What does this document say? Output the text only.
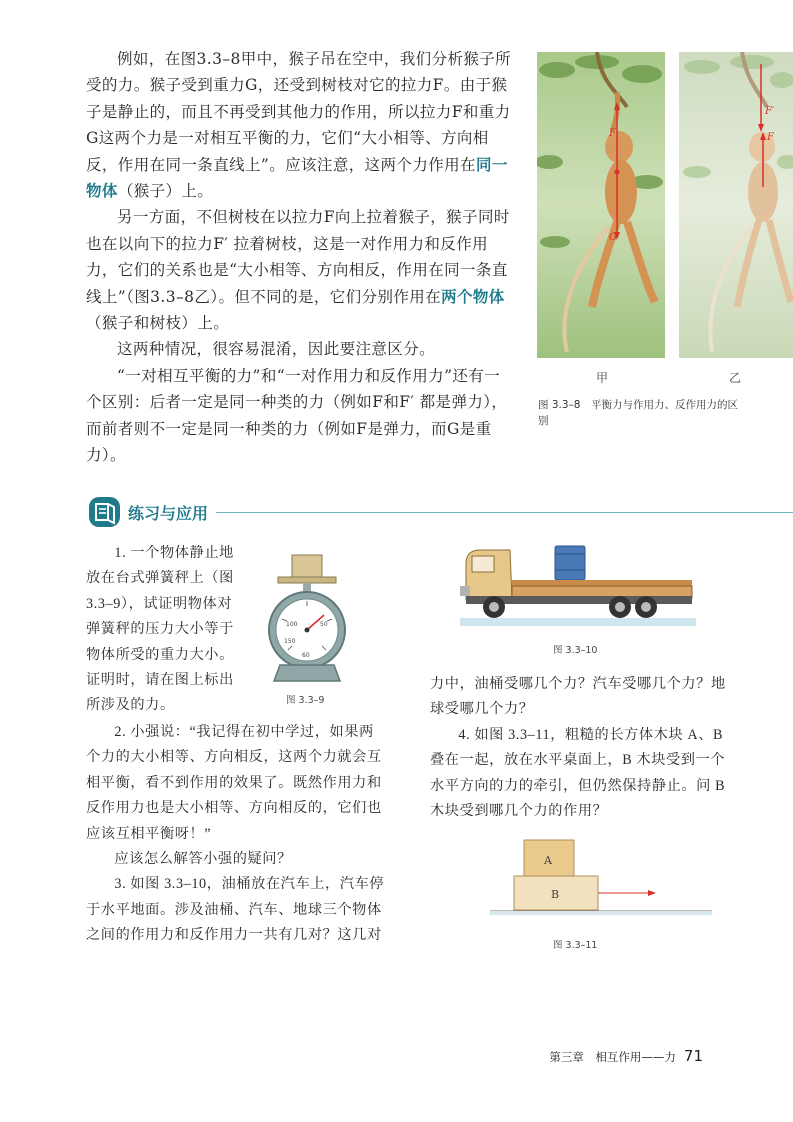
例如，在图3.3–8甲中，猴子吊在空中，我们分析猴子所受的力。猴子受到重力G，还受到树枝对它的拉力F。由于猴子是静止的，而且不再受到其他力的作用，所以拉力F和重力G这两个力是一对相互平衡的力，它们“大小相等、方向相反，作用在同一条直线上”。应该注意，这两个力作用在同一物体（猴子）上。

另一方面，不但树枝在以拉力F向上拉着猴子，猴子同时也在以向下的拉力F′ 拉着树枝，这是一对作用力和反作用力，它们的关系也是“大小相等、方向相反，作用在同一条直线上”（图3.3–8乙）。但不同的是，它们分别作用在两个物体（猴子和树枝）上。

这两种情况，很容易混淆，因此要注意区分。

“一对相互平衡的力”和“一对作用力和反作用力”还有一个区别：后者一定是同一种类的力（例如F和F′ 都是弹力），而前者则不一定是同一种类的力（例如F是弹力，而G是重力）。

F
G
F′
F
甲	乙
图 3.3–8　平衡力与作用力、反作用力的区别
练习与应用

1. 一个物体静止地放在台式弹簧秤上（图3.3–9），试证明物体对弹簧秤的压力大小等于物体所受的重力大小。证明时，请在图上标出所涉及的力。

100	50
150
60
图 3.3–9

2. 小强说：“我记得在初中学过，如果两个力的大小相等、方向相反，这两个力就会互相平衡，看不到作用的效果了。既然作用力和反作用力也是大小相等、方向相反的，它们也应该互相平衡呀！”

应该怎么解答小强的疑问？

3. 如图 3.3–10，油桶放在汽车上，汽车停于水平地面。涉及油桶、汽车、地球三个物体之间的作用力和反作用力一共有几对？这几对

图 3.3–10

力中，油桶受哪几个力？汽车受哪几个力？地球受哪几个力？

4. 如图 3.3–11，粗糙的长方体木块 A、B 叠在一起，放在水平桌面上，B 木块受到一个水平方向的力的牵引，但仍然保持静止。问 B 木块受到哪几个力的作用？

A
B
图 3.3–11
第三章　相互作用——力 71
